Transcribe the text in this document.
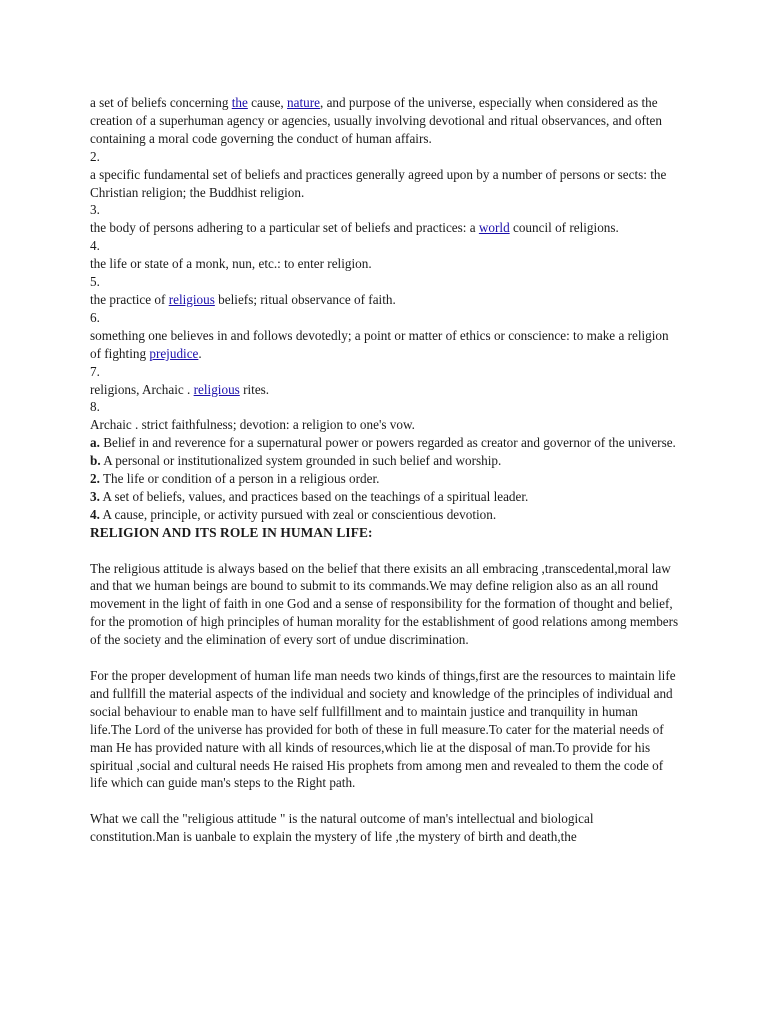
a set of beliefs concerning the cause, nature, and purpose of the universe, especially when considered as the creation of a superhuman agency or agencies, usually involving devotional and ritual observances, and often containing a moral code governing the conduct of human affairs.
2.
a specific fundamental set of beliefs and practices generally agreed upon by a number of persons or sects: the Christian religion; the Buddhist religion.
3.
the body of persons adhering to a particular set of beliefs and practices: a world council of religions.
4.
the life or state of a monk, nun, etc.: to enter religion.
5.
the practice of religious beliefs; ritual observance of faith.
6.
something one believes in and follows devotedly; a point or matter of ethics or conscience: to make a religion of fighting prejudice.
7.
religions, Archaic . religious rites.
8.
Archaic . strict faithfulness; devotion: a religion to one's vow.
a. Belief in and reverence for a supernatural power or powers regarded as creator and governor of the universe.
b. A personal or institutionalized system grounded in such belief and worship.
2. The life or condition of a person in a religious order.
3. A set of beliefs, values, and practices based on the teachings of a spiritual leader.
4. A cause, principle, or activity pursued with zeal or conscientious devotion.
RELIGION AND ITS ROLE IN HUMAN LIFE:
The religious attitude is always based on the belief that there exisits an all embracing ,transcedental,moral law and that we human beings are bound to submit to its commands.We may define religion also as an all round movement in the light of faith in one God and a sense of responsibility for the formation of thought and belief, for the promotion of high principles of human morality for the establishment of good relations among members of the society and the elimination of every sort of undue discrimination.
For the proper development of human life man needs two kinds of things,first are the resources to maintain life and fullfill the material aspects of the individual and society and knowledge of the principles of individual and social behaviour to enable man to have self fullfillment and to maintain justice and tranquility in human life.The Lord of the universe has provided for both of these in full measure.To cater for the material needs of man He has provided nature with all kinds of resources,which lie at the disposal of man.To provide for his spiritual ,social and cultural needs He raised His prophets from among men and revealed to them the code of life which can guide man's steps to the Right path.
What we call the "religious attitude " is the natural outcome of man's intellectual and biological constitution.Man is uanbale to explain the mystery of life ,the mystery of birth and death,the
